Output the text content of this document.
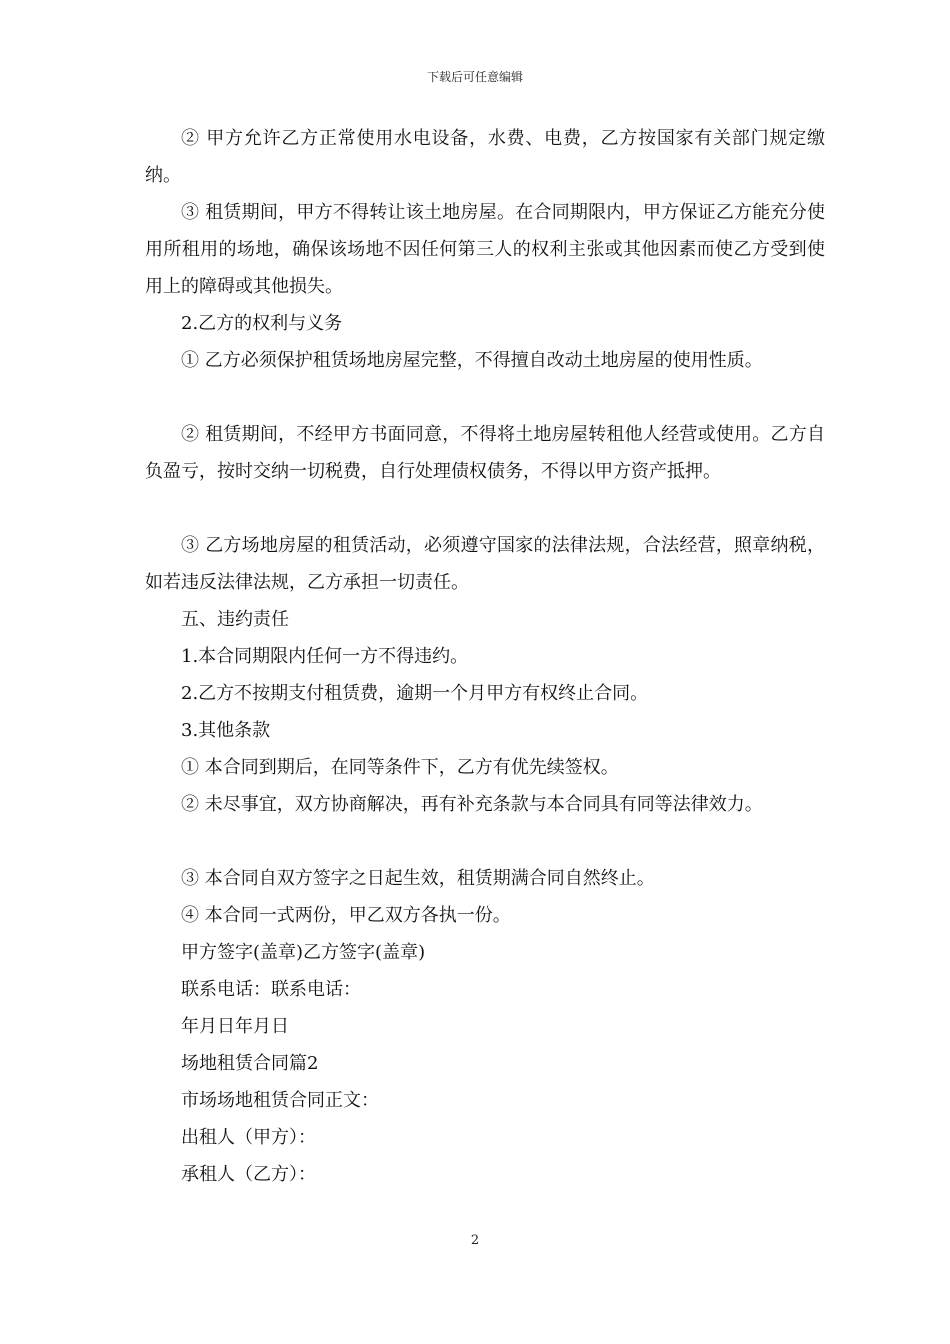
下载后可任意编辑

② 甲方允许乙方正常使用水电设备，水费、电费，乙方按国家有关部门规定缴纳。

③ 租赁期间，甲方不得转让该土地房屋。在合同期限内，甲方保证乙方能充分使用所租用的场地，确保该场地不因任何第三人的权利主张或其他因素而使乙方受到使用上的障碍或其他损失。

2.乙方的权利与义务

① 乙方必须保护租赁场地房屋完整，不得擅自改动土地房屋的使用性质。

② 租赁期间，不经甲方书面同意，不得将土地房屋转租他人经营或使用。乙方自负盈亏，按时交纳一切税费，自行处理债权债务，不得以甲方资产抵押。

③ 乙方场地房屋的租赁活动，必须遵守国家的法律法规，合法经营，照章纳税，如若违反法律法规，乙方承担一切责任。

五、违约责任

1.本合同期限内任何一方不得违约。

2.乙方不按期支付租赁费，逾期一个月甲方有权终止合同。

3.其他条款

① 本合同到期后，在同等条件下，乙方有优先续签权。

② 未尽事宜，双方协商解决，再有补充条款与本合同具有同等法律效力。

③ 本合同自双方签字之日起生效，租赁期满合同自然终止。

④ 本合同一式两份，甲乙双方各执一份。

甲方签字(盖章)乙方签字(盖章)

联系电话：联系电话：

年月日年月日

场地租赁合同篇2

市场场地租赁合同正文：

出租人（甲方）：

承租人（乙方）：

2
